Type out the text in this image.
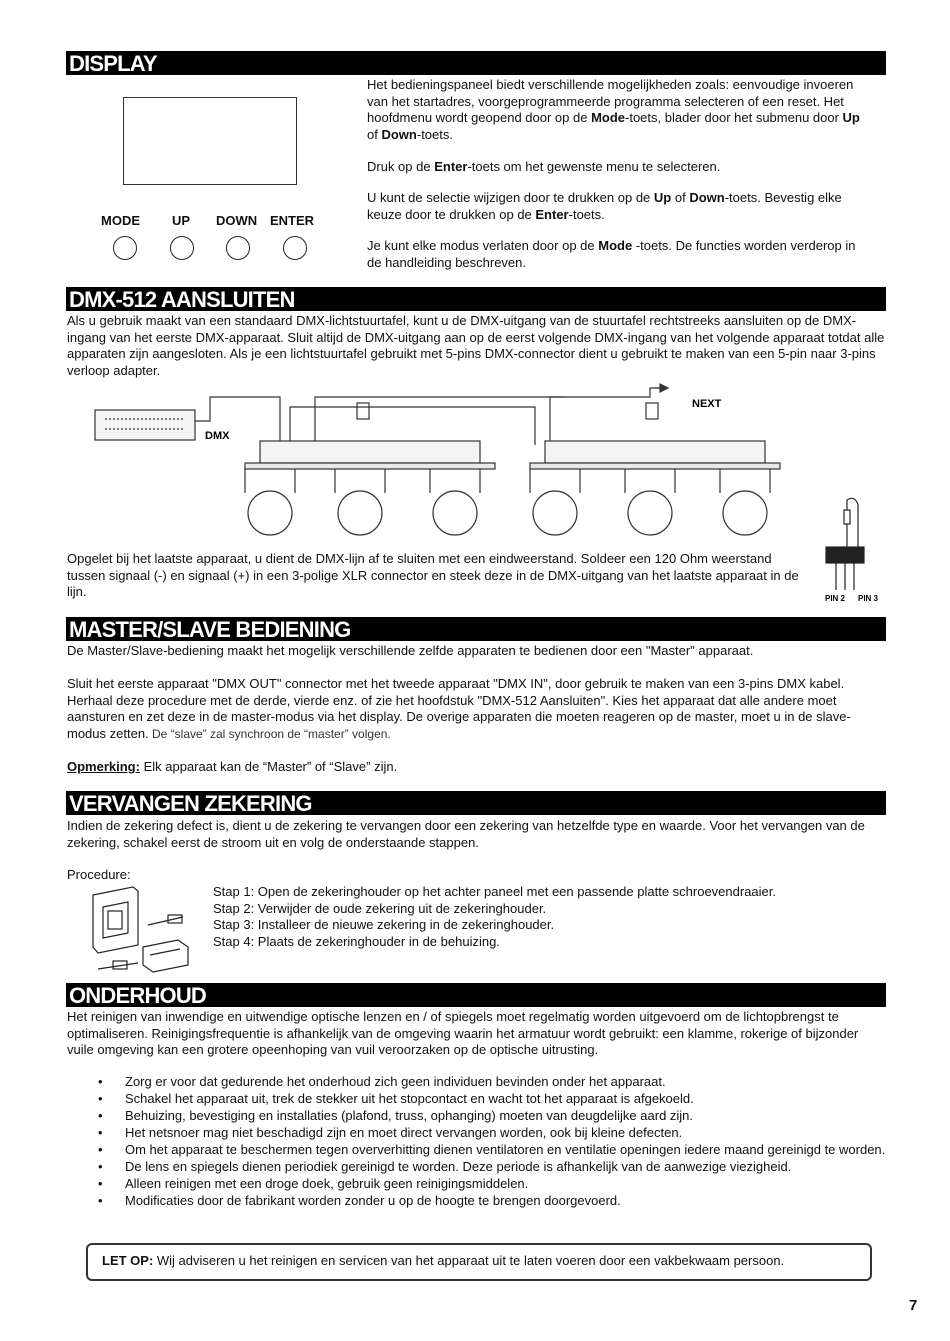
DISPLAY
MODE UP DOWN ENTER

Het bedieningspaneel biedt verschillende mogelijkheden zoals: eenvoudige invoeren van het startadres, voorgeprogrammeerde programma selecteren of een reset. Het hoofdmenu wordt geopend door op de Mode-toets, blader door het submenu door Up of Down-toets.

Druk op de Enter-toets om het gewenste menu te selecteren.

U kunt de selectie wijzigen door te drukken op de Up of Down-toets. Bevestig elke keuze door te drukken op de Enter-toets.

Je kunt elke modus verlaten door op de Mode -toets. De functies worden verderop in de handleiding beschreven.

DMX-512 AANSLUITEN

Als u gebruik maakt van een standaard DMX-lichtstuurtafel, kunt u de DMX-uitgang van de stuurtafel rechtstreeks aansluiten op de DMX-ingang van het eerste DMX-apparaat. Sluit altijd de DMX-uitgang aan op de eerst volgende DMX-ingang van het volgende apparaat totdat alle apparaten zijn aangesloten. Als je een lichtstuurtafel gebruikt met 5-pins DMX-connector dient u gebruikt te maken van een 5-pin naar 3-pins verloop adapter.

DMX
NEXT

Opgelet bij het laatste apparaat, u dient de DMX-lijn af te sluiten met een eindweerstand. Soldeer een 120 Ohm weerstand tussen signaal (-) en signaal (+) in een 3-polige XLR connector en steek deze in de DMX-uitgang van het laatste apparaat in de lijn.	PIN 2 PIN 3
MASTER/SLAVE BEDIENING

De Master/Slave-bediening maakt het mogelijk verschillende zelfde apparaten te bedienen door een "Master" apparaat.

Sluit het eerste apparaat "DMX OUT" connector met het tweede apparaat "DMX IN", door gebruik te maken van een 3-pins DMX kabel. Herhaal deze procedure met de derde, vierde enz. of zie het hoofdstuk "DMX-512 Aansluiten". Kies het apparaat dat alle andere moet aansturen en zet deze in de master-modus via het display. De overige apparaten die moeten reageren op de master, moet u in de slave-modus zetten. De “slave” zal synchroon de “master” volgen.

Opmerking: Elk apparaat kan de “Master” of “Slave” zijn.

VERVANGEN ZEKERING

Indien de zekering defect is, dient u de zekering te vervangen door een zekering van hetzelfde type en waarde. Voor het vervangen van de zekering, schakel eerst de stroom uit en volg de onderstaande stappen.

Procedure:

Stap 1: Open de zekeringhouder op het achter paneel met een passende platte schroevendraaier.

Stap 2: Verwijder de oude zekering uit de zekeringhouder.

Stap 3: Installeer de nieuwe zekering in de zekeringhouder.

Stap 4: Plaats de zekeringhouder in de behuizing.

ONDERHOUD

Het reinigen van inwendige en uitwendige optische lenzen en / of spiegels moet regelmatig worden uitgevoerd om de lichtopbrengst te optimaliseren. Reinigingsfrequentie is afhankelijk van de omgeving waarin het armatuur wordt gebruikt: een klamme, rokerige of bijzonder vuile omgeving kan een grotere opeenhoping van vuil veroorzaken op de optische uitrusting.

• Zorg er voor dat gedurende het onderhoud zich geen individuen bevinden onder het apparaat.
• Schakel het apparaat uit, trek de stekker uit het stopcontact en wacht tot het apparaat is afgekoeld.
• Behuizing, bevestiging en installaties (plafond, truss, ophanging) moeten van deugdelijke aard zijn.
• Het netsnoer mag niet beschadigd zijn en moet direct vervangen worden, ook bij kleine defecten.
• Om het apparaat te beschermen tegen oververhitting dienen ventilatoren en ventilatie openingen iedere maand gereinigd te worden.
• De lens en spiegels dienen periodiek gereinigd te worden. Deze periode is afhankelijk van de aanwezige viezigheid.
• Alleen reinigen met een droge doek, gebruik geen reinigingsmiddelen.
• Modificaties door de fabrikant worden zonder u op de hoogte te brengen doorgevoerd.
LET OP: Wij adviseren u het reinigen en servicen van het apparaat uit te laten voeren door een vakbekwaam persoon.
7
